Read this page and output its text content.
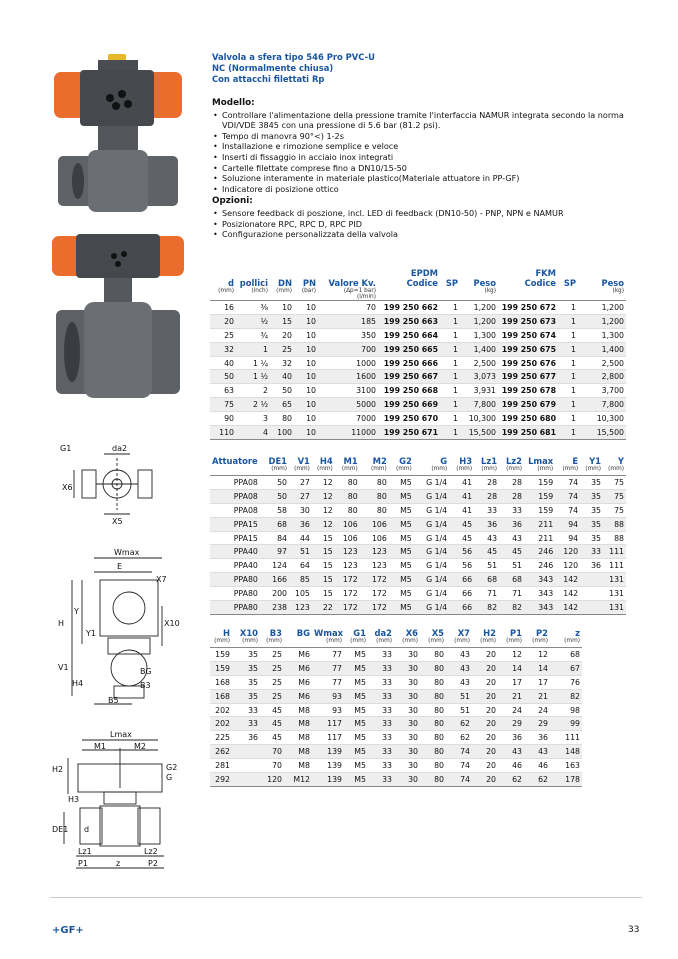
G1	da2
X6
X5
Wmax
E
X7
H
Y
Y1
X10
V1
H4
BG
B3
B5
Lmax
M1	M2
G2
G
H2
H3
DE1 d
Lz1	Lz2
P1	z	P2
Valvola a sfera tipo 546 Pro PVC-U
NC (Normalmente chiusa)
Con attacchi filettati Rp
Modello:
• Controllare l'alimentazione della pressione tramite l'interfaccia NAMUR integrata secondo la norma VDI/VDE 3845 con una pressione di 5.6 bar (81.2 psi).
• Tempo di manovra 90°<) 1-2s
• Installazione e rimozione semplice e veloce
• Inserti di fissaggio in acciaio inox integrati
• Cartelle filettate comprese fino a DN10/15-50
• Soluzione interamente in materiale plastico(Materiale attuatore in PP-GF)
• Indicatore di posizione ottico
Opzioni:
• Sensore feedback di poszione, incl. LED di feedback (DN10-50) - PNP, NPN e NAMUR
• Posizionatore RPC, RPC D, RPC PID
• Configurazione personalizzata della valvola
d	pollici	DN	PN	Valore Kv.	EPDM
Codice	SP	Peso	FKM
Codice	SP	Peso
(mm)	(inch)	(mm)	(bar)	(Δp=1 bar)
(l/min)			(kg)			(kg)
16	⅜	10	10	70	199 250 662	1	1,200	199 250 672	1	1,200
20	½	15	10	185	199 250 663	1	1,200	199 250 673	1	1,200
25	¾	20	10	350	199 250 664	1	1,300	199 250 674	1	1,300
32	1	25	10	700	199 250 665	1	1,400	199 250 675	1	1,400
40	1 ¼	32	10	1000	199 250 666	1	2,500	199 250 676	1	2,500
50	1 ½	40	10	1600	199 250 667	1	3,073	199 250 677	1	2,800
63	2	50	10	3100	199 250 668	1	3,931	199 250 678	1	3,700
75	2 ½	65	10	5000	199 250 669	1	7,800	199 250 679	1	7,800
90	3	80	10	7000	199 250 670	1	10,300	199 250 680	1	10,300
110	4	100	10	11000	199 250 671	1	15,500	199 250 681	1	15,500
Attuatore	DE1	V1	H4	M1	M2	G2	G	H3	Lz1	Lz2	Lmax	E	Y1	Y
	(mm)	(mm)	(mm)	(mm)	(mm)	(mm)	(mm)	(mm)	(mm)	(mm)	(mm)	(mm)	(mm)	(mm)
PPA08	50	27	12	80	80	M5	G 1/4	41	28	28	159	74	35	75
PPA08	50	27	12	80	80	M5	G 1/4	41	28	28	159	74	35	75
PPA08	58	30	12	80	80	M5	G 1/4	41	33	33	159	74	35	75
PPA15	68	36	12	106	106	M5	G 1/4	45	36	36	211	94	35	88
PPA15	84	44	15	106	106	M5	G 1/4	45	43	43	211	94	35	88
PPA40	97	51	15	123	123	M5	G 1/4	56	45	45	246	120	33	111
PPA40	124	64	15	123	123	M5	G 1/4	56	51	51	246	120	36	111
PPA80	166	85	15	172	172	M5	G 1/4	66	68	68	343	142		131
PPA80	200	105	15	172	172	M5	G 1/4	66	71	71	343	142		131
PPA80	238	123	22	172	172	M5	G 1/4	66	82	82	343	142		131
H	X10	B3	BG	Wmax	G1	da2	X6	X5	X7	H2	P1	P2	z
(mm)	(mm)	(mm)		(mm)	(mm)	(mm)	(mm)	(mm)	(mm)	(mm)	(mm)	(mm)	(mm)
159	35	25	M6	77	M5	33	30	80	43	20	12	12	68
159	35	25	M6	77	M5	33	30	80	43	20	14	14	67
168	35	25	M6	77	M5	33	30	80	43	20	17	17	76
168	35	25	M6	93	M5	33	30	80	51	20	21	21	82
202	33	45	M8	93	M5	33	30	80	51	20	24	24	98
202	33	45	M8	117	M5	33	30	80	62	20	29	29	99
225	36	45	M8	117	M5	33	30	80	62	20	36	36	111
262		70	M8	139	M5	33	30	80	74	20	43	43	148
281		70	M8	139	M5	33	30	80	74	20	46	46	163
292		120	M12	139	M5	33	30	80	74	20	62	62	178
+GF+	33
